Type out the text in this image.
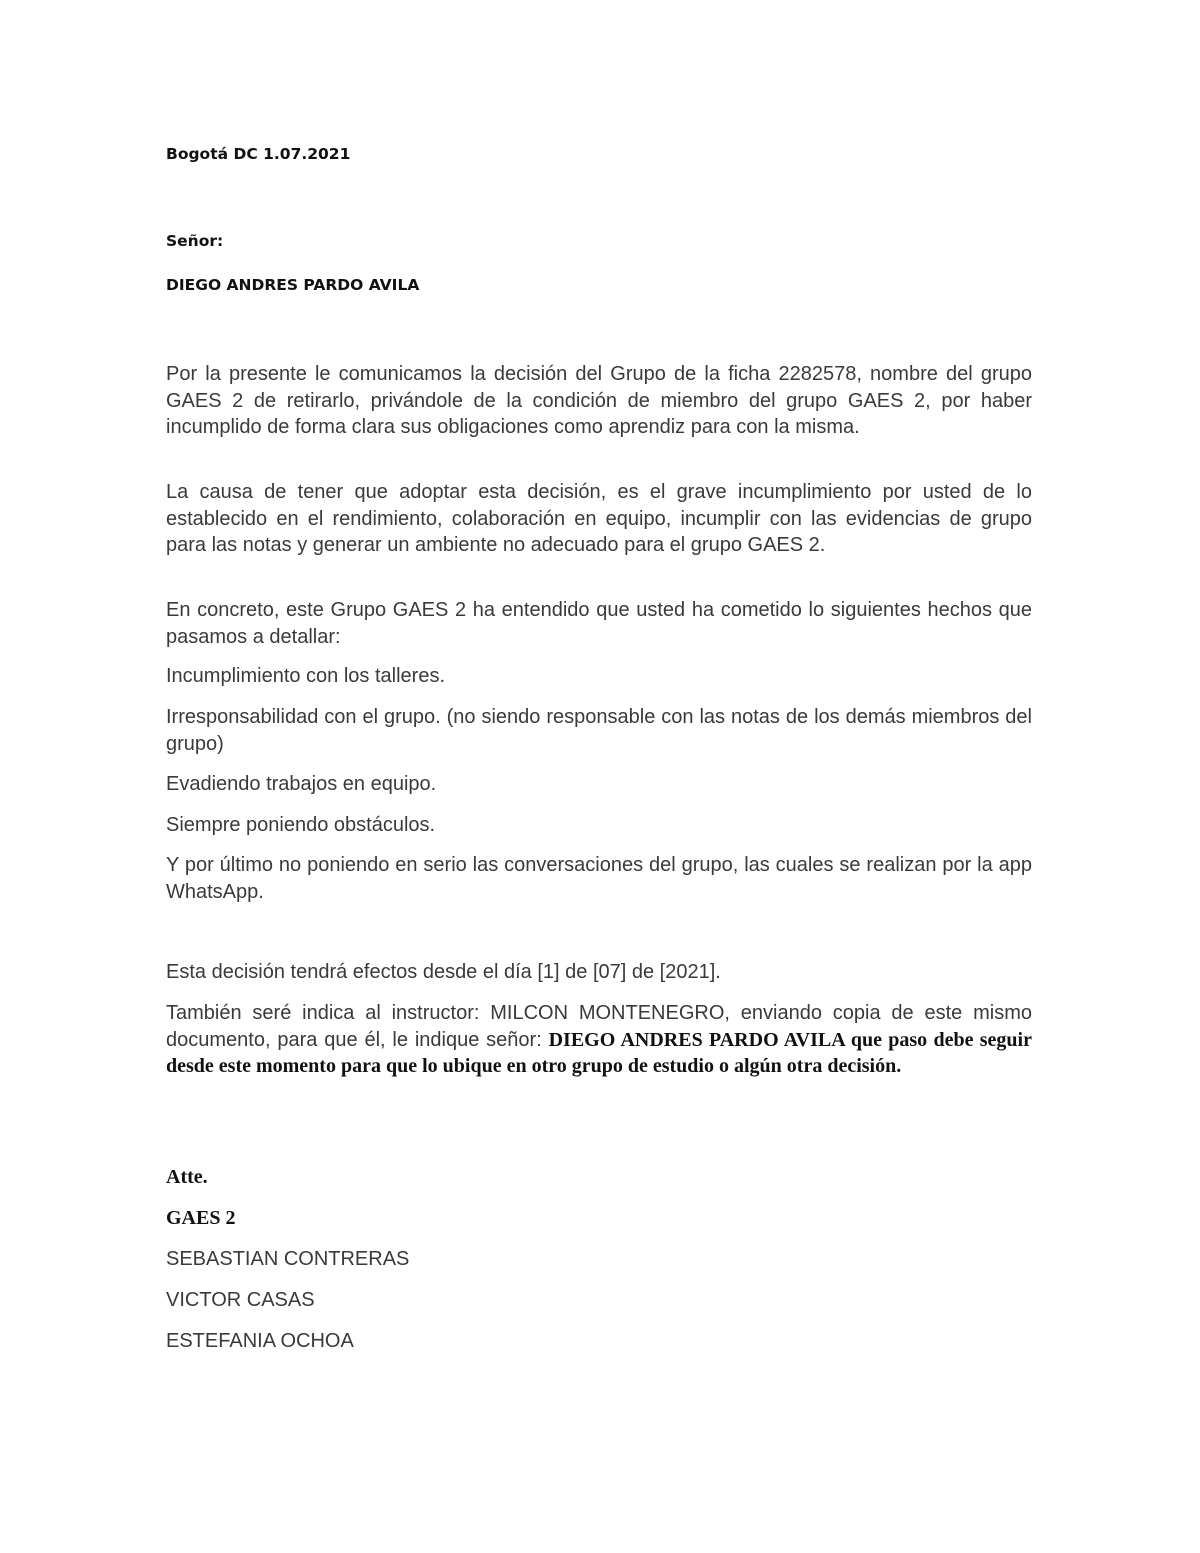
Bogotá DC 1.07.2021
Señor:
DIEGO ANDRES PARDO AVILA

Por la presente le comunicamos la decisión del Grupo de la ficha 2282578, nombre del grupo GAES 2 de retirarlo, privándole de la condición de miembro del grupo GAES 2, por haber incumplido de forma clara sus obligaciones como aprendiz para con la misma.

La causa de tener que adoptar esta decisión, es el grave incumplimiento por usted de lo establecido en el rendimiento, colaboración en equipo, incumplir con las evidencias de grupo para las notas y generar un ambiente no adecuado para el grupo GAES 2.

En concreto, este Grupo GAES 2 ha entendido que usted ha cometido lo siguientes hechos que pasamos a detallar:

Incumplimiento con los talleres.

Irresponsabilidad con el grupo. (no siendo responsable con las notas de los demás miembros del grupo)

Evadiendo trabajos en equipo.

Siempre poniendo obstáculos.

Y por último no poniendo en serio las conversaciones del grupo, las cuales se realizan por la app WhatsApp.

Esta decisión tendrá efectos desde el día [1] de [07] de [2021].

También seré indica al instructor: MILCON MONTENEGRO, enviando copia de este mismo documento, para que él, le indique señor: DIEGO ANDRES PARDO AVILA que paso debe seguir desde este momento para que lo ubique en otro grupo de estudio o algún otra decisión.

Atte.
GAES 2
SEBASTIAN CONTRERAS
VICTOR CASAS
ESTEFANIA OCHOA
